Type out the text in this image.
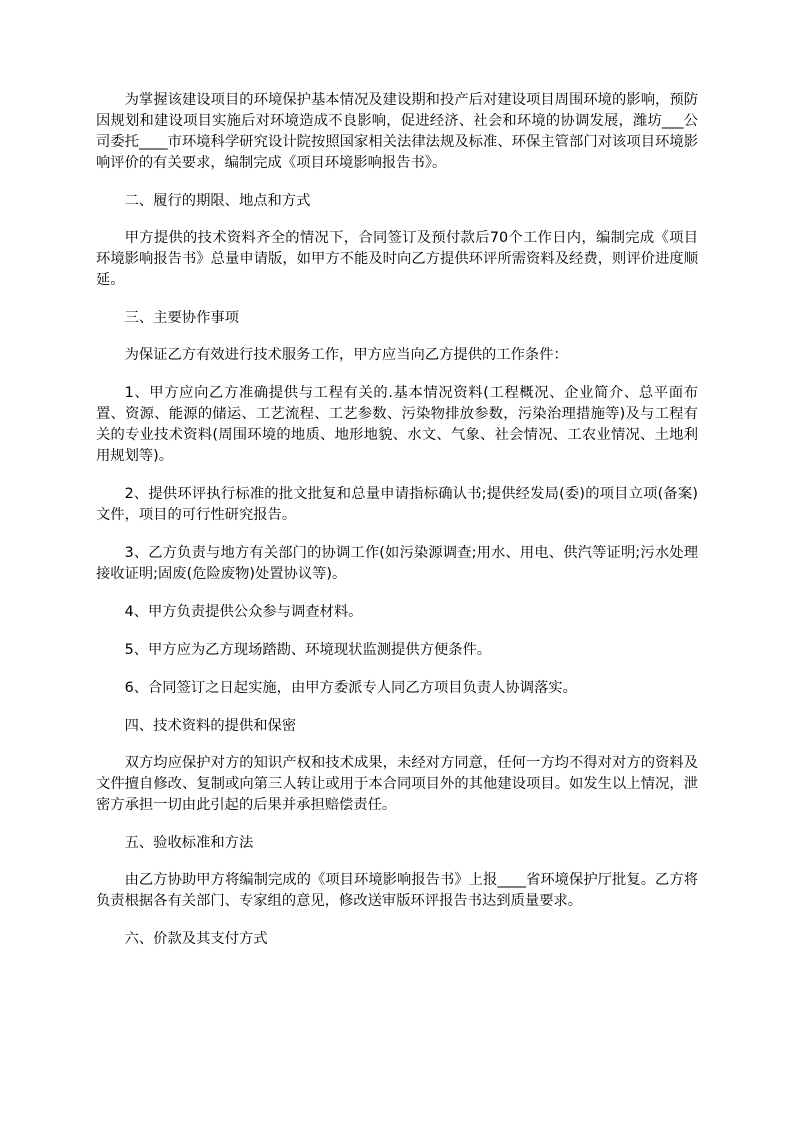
为掌握该建设项目的环境保护基本情况及建设期和投产后对建设项目周围环境的影响，预防因规划和建设项目实施后对环境造成不良影响，促进经济、社会和环境的协调发展，潍坊___公司委托____市环境科学研究设计院按照国家相关法律法规及标准、环保主管部门对该项目环境影响评价的有关要求，编制完成《项目环境影响报告书》。

二、履行的期限、地点和方式

甲方提供的技术资料齐全的情况下，合同签订及预付款后70个工作日内，编制完成《项目环境影响报告书》总量申请版，如甲方不能及时向乙方提供环评所需资料及经费，则评价进度顺延。

三、主要协作事项

为保证乙方有效进行技术服务工作，甲方应当向乙方提供的工作条件：

1、甲方应向乙方准确提供与工程有关的.基本情况资料(工程概况、企业简介、总平面布置、资源、能源的储运、工艺流程、工艺参数、污染物排放参数，污染治理措施等)及与工程有关的专业技术资料(周围环境的地质、地形地貌、水文、气象、社会情况、工农业情况、土地利用规划等)。

2、提供环评执行标准的批文批复和总量申请指标确认书;提供经发局(委)的项目立项(备案)文件，项目的可行性研究报告。

3、乙方负责与地方有关部门的协调工作(如污染源调查;用水、用电、供汽等证明;污水处理接收证明;固废(危险废物)处置协议等)。

4、甲方负责提供公众参与调查材料。

5、甲方应为乙方现场踏勘、环境现状监测提供方便条件。

6、合同签订之日起实施，由甲方委派专人同乙方项目负责人协调落实。

四、技术资料的提供和保密

双方均应保护对方的知识产权和技术成果，未经对方同意，任何一方均不得对对方的资料及文件擅自修改、复制或向第三人转让或用于本合同项目外的其他建设项目。如发生以上情况，泄密方承担一切由此引起的后果并承担赔偿责任。

五、验收标准和方法

由乙方协助甲方将编制完成的《项目环境影响报告书》上报____省环境保护厅批复。乙方将负责根据各有关部门、专家组的意见，修改送审版环评报告书达到质量要求。

六、价款及其支付方式
